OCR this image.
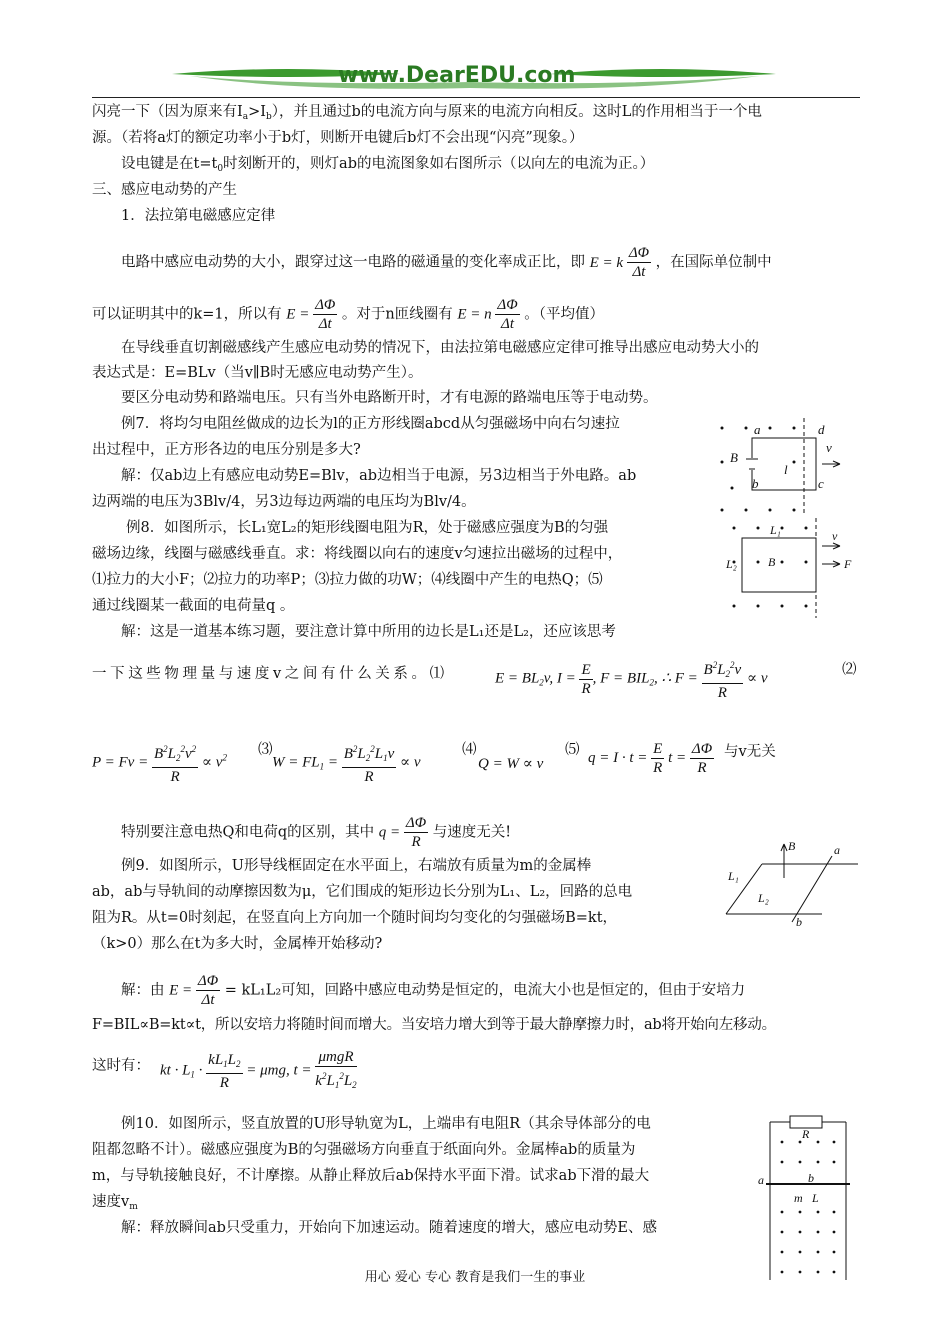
www.DearEDU.com
闪亮一下（因为原来有$I_a>I_b$），并且通过b的电流方向与原来的电流方向相反。这时L的作用相当于一个电
源。（若将a灯的额定功率小于b灯，则断开电键后b灯不会出现“闪亮”现象。）
设电键是在$t=t_0$时刻断开的，则灯ab的电流图象如右图所示（以向左的电流为正。）
三、感应电动势的产生
1．法拉第电磁感应定律
电路中感应电动势的大小，跟穿过这一电路的磁通量的变化率成正比，即 E = k $\frac{\Delta\Phi}{\Delta t}$ ，在国际单位制中
可以证明其中的k=1，所以有 $E = \frac{\Delta\Phi}{\Delta t}$ 。对于n匝线圈有 E = n $\frac{\Delta\Phi}{\Delta t}$ 。（平均值）
在导线垂直切割磁感线产生感应电动势的情况下，由法拉第电磁感应定律可推导出感应电动势大小的
表达式是：E=BLv（当v∥B时无感应电动势产生）。
要区分电动势和路端电压。只有当外电路断开时，才有电源的路端电压等于电动势。
例7．将均匀电阻丝做成的边长为l的正方形线圈abcd从匀强磁场中向右匀速拉
出过程中，正方形各边的电压分别是多大?
解：仅ab边上有感应电动势E=Blv，ab边相当于电源，另3边相当于外电路。ab
边两端的电压为3Blv/4，另3边每边两端的电压均为Blv/4。
例8．如图所示，长L₁宽L₂的矩形线圈电阻为R，处于磁感应强度为B的匀强
磁场边缘，线圈与磁感线垂直。求：将线圈以向右的速度v匀速拉出磁场的过程中，
⑴拉力的大小F；⑵拉力的功率P；⑶拉力做的功W；⑷线圈中产生的电热Q；⑸
通过线圈某一截面的电荷量q 。
解：这是一道基本练习题，要注意计算中所用的边长是L₁还是L₂，还应该思考
一下这些物理量与速度v之间有什么关系。⑴	$E = BL_2v$, $I = \frac{E}{R}$ , $F = BIL_2$, ∴ $F = \frac{B^2L_2^2v}{R} \propto v$
⑵
$P = Fv = \frac{B^2L_2^2v^2}{R} \propto v^2$ ⑶
$W = FL_1 = \frac{B^2L_2^2L_1v}{R} \propto v$
⑷
Q = W ∝ v
⑸ $q = I \cdot t = \frac{E}{R}$ $t = \frac{\Delta\Phi}{R}$ 与v无关
特别要注意电热Q和电荷q的区别，其中 $q = \frac{\Delta\Phi}{R}$ 与速度无关!
例9．如图所示，U形导线框固定在水平面上，右端放有质量为m的金属棒
ab，ab与导轨间的动摩擦因数为μ，它们围成的矩形边长分别为L₁、L₂，回路的总电
阻为R。从t=0时刻起，在竖直向上方向加一个随时间均匀变化的匀强磁场B=kt，
（k>0）那么在t为多大时，金属棒开始移动?
解：由 $E = \frac{\Delta\Phi}{\Delta t} = kL_1L_2$可知，回路中感应电动势是恒定的，电流大小也是恒定的，但由于安培力
F=BIL∝B=kt∝t，所以安培力将随时间而增大。当安培力增大到等于最大静摩擦力时，ab将开始向左移动。
这时有： kt · $L_1 \cdot \frac{kL_1L_2}{R} = \mu mg$, $t = \frac{\text{μmgR}}{k^2L_1^2L_2}$
例10．如图所示，竖直放置的U形导轨宽为L，上端串有电阻R（其余导体部分的电
阻都忽略不计）。磁感应强度为B的匀强磁场方向垂直于纸面向外。金属棒ab的质量为
m，与导轨接触良好，不计摩擦。从静止释放后ab保持水平面下滑。试求ab下滑的最大
速度$v_m$
解：释放瞬间ab只受重力，开始向下加速运动。随着速度的增大，感应电动势E、感
a	d
B
v
l
b	c
L₁
L₂	B
v
F
B	a
L₁
L₂
b
R
a	b
m L
用心 爱心 专心 教育是我们一生的事业
